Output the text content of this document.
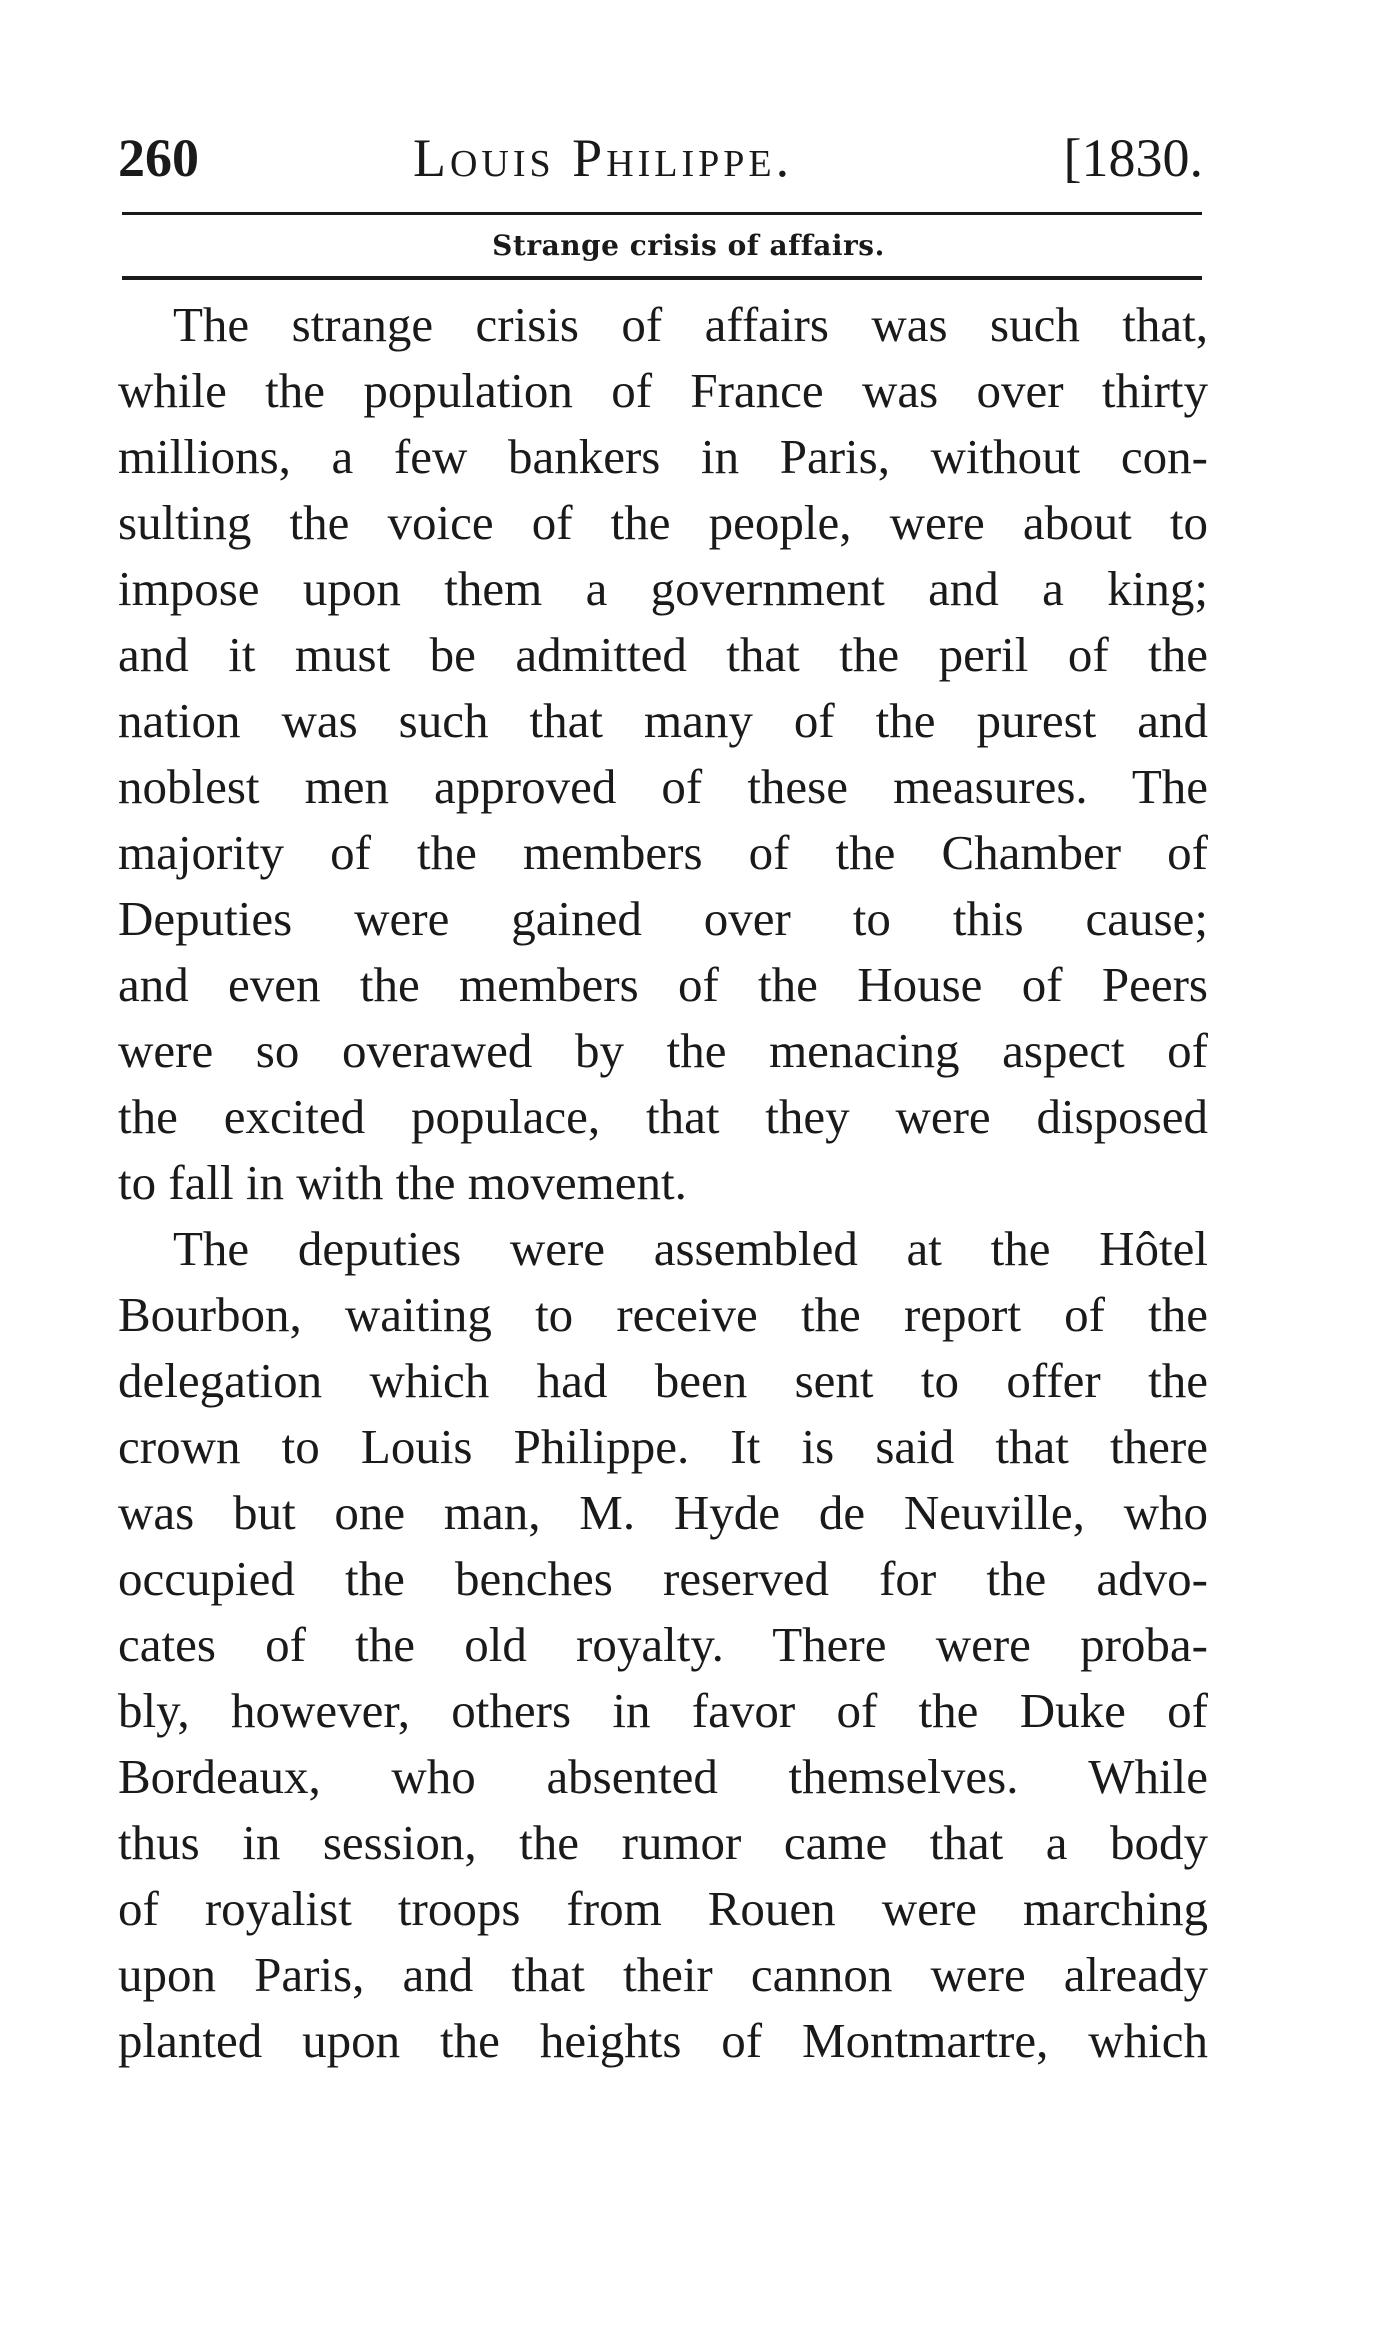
260	Louis Philippe.	[1830.
Strange crisis of affairs.
The strange crisis of affairs was such that,
while the population of France was over thirty
millions, a few bankers in Paris, without con-
sulting the voice of the people, were about to
impose upon them a government and a king;
and it must be admitted that the peril of the
nation was such that many of the purest and
noblest men approved of these measures. The
majority of the members of the Chamber of
Deputies were gained over to this cause;
and even the members of the House of Peers
were so overawed by the menacing aspect of
the excited populace, that they were disposed
to fall in with the movement.
The deputies were assembled at the Hôtel
Bourbon, waiting to receive the report of the
delegation which had been sent to offer the
crown to Louis Philippe. It is said that there
was but one man, M. Hyde de Neuville, who
occupied the benches reserved for the advo-
cates of the old royalty. There were proba-
bly, however, others in favor of the Duke of
Bordeaux, who absented themselves. While
thus in session, the rumor came that a body
of royalist troops from Rouen were marching
upon Paris, and that their cannon were already
planted upon the heights of Montmartre, which
